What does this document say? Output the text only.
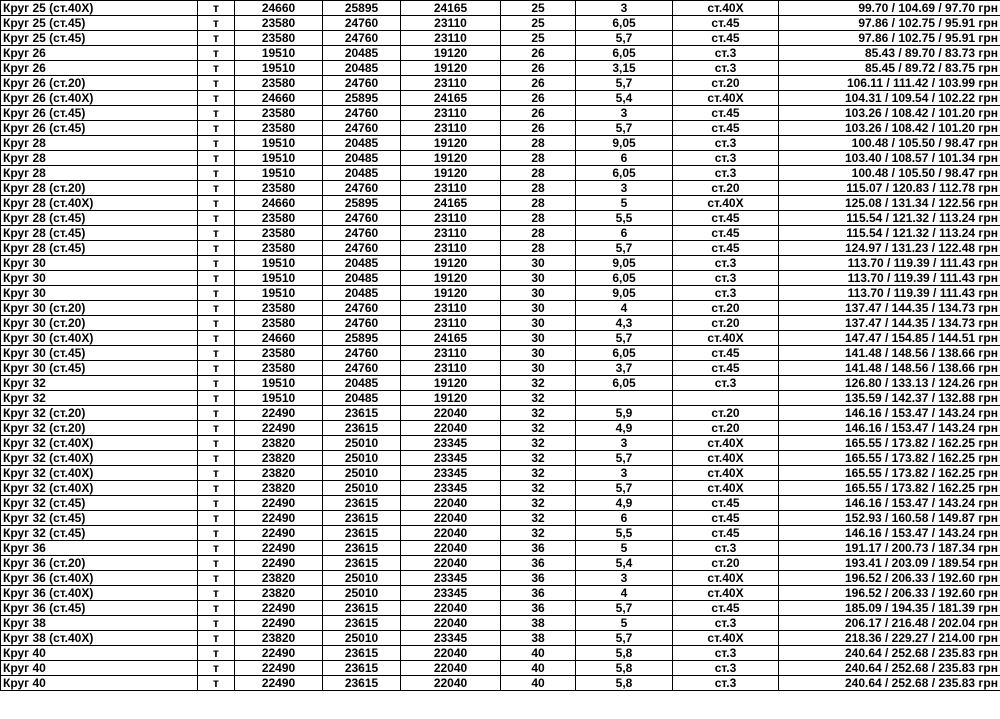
Круг 25 (ст.40Х)	т	24660	25895	24165	25	3	ст.40Х	99.70 / 104.69 / 97.70 грн
Круг 25 (ст.45)	т	23580	24760	23110	25	6,05	ст.45	97.86 / 102.75 / 95.91 грн
Круг 25 (ст.45)	т	23580	24760	23110	25	5,7	ст.45	97.86 / 102.75 / 95.91 грн
Круг 26	т	19510	20485	19120	26	6,05	ст.3	85.43 / 89.70 / 83.73 грн
Круг 26	т	19510	20485	19120	26	3,15	ст.3	85.45 / 89.72 / 83.75 грн
Круг 26 (ст.20)	т	23580	24760	23110	26	5,7	ст.20	106.11 / 111.42 / 103.99 грн
Круг 26 (ст.40Х)	т	24660	25895	24165	26	5,4	ст.40Х	104.31 / 109.54 / 102.22 грн
Круг 26 (ст.45)	т	23580	24760	23110	26	3	ст.45	103.26 / 108.42 / 101.20 грн
Круг 26 (ст.45)	т	23580	24760	23110	26	5,7	ст.45	103.26 / 108.42 / 101.20 грн
Круг 28	т	19510	20485	19120	28	9,05	ст.3	100.48 / 105.50 / 98.47 грн
Круг 28	т	19510	20485	19120	28	6	ст.3	103.40 / 108.57 / 101.34 грн
Круг 28	т	19510	20485	19120	28	6,05	ст.3	100.48 / 105.50 / 98.47 грн
Круг 28 (ст.20)	т	23580	24760	23110	28	3	ст.20	115.07 / 120.83 / 112.78 грн
Круг 28 (ст.40Х)	т	24660	25895	24165	28	5	ст.40Х	125.08 / 131.34 / 122.56 грн
Круг 28 (ст.45)	т	23580	24760	23110	28	5,5	ст.45	115.54 / 121.32 / 113.24 грн
Круг 28 (ст.45)	т	23580	24760	23110	28	6	ст.45	115.54 / 121.32 / 113.24 грн
Круг 28 (ст.45)	т	23580	24760	23110	28	5,7	ст.45	124.97 / 131.23 / 122.48 грн
Круг 30	т	19510	20485	19120	30	9,05	ст.3	113.70 / 119.39 / 111.43 грн
Круг 30	т	19510	20485	19120	30	6,05	ст.3	113.70 / 119.39 / 111.43 грн
Круг 30	т	19510	20485	19120	30	9,05	ст.3	113.70 / 119.39 / 111.43 грн
Круг 30 (ст.20)	т	23580	24760	23110	30	4	ст.20	137.47 / 144.35 / 134.73 грн
Круг 30 (ст.20)	т	23580	24760	23110	30	4,3	ст.20	137.47 / 144.35 / 134.73 грн
Круг 30 (ст.40Х)	т	24660	25895	24165	30	5,7	ст.40Х	147.47 / 154.85 / 144.51 грн
Круг 30 (ст.45)	т	23580	24760	23110	30	6,05	ст.45	141.48 / 148.56 / 138.66 грн
Круг 30 (ст.45)	т	23580	24760	23110	30	3,7	ст.45	141.48 / 148.56 / 138.66 грн
Круг 32	т	19510	20485	19120	32	6,05	ст.3	126.80 / 133.13 / 124.26 грн
Круг 32	т	19510	20485	19120	32			135.59 / 142.37 / 132.88 грн
Круг 32 (ст.20)	т	22490	23615	22040	32	5,9	ст.20	146.16 / 153.47 / 143.24 грн
Круг 32 (ст.20)	т	22490	23615	22040	32	4,9	ст.20	146.16 / 153.47 / 143.24 грн
Круг 32 (ст.40Х)	т	23820	25010	23345	32	3	ст.40Х	165.55 / 173.82 / 162.25 грн
Круг 32 (ст.40Х)	т	23820	25010	23345	32	5,7	ст.40Х	165.55 / 173.82 / 162.25 грн
Круг 32 (ст.40Х)	т	23820	25010	23345	32	3	ст.40Х	165.55 / 173.82 / 162.25 грн
Круг 32 (ст.40Х)	т	23820	25010	23345	32	5,7	ст.40Х	165.55 / 173.82 / 162.25 грн
Круг 32 (ст.45)	т	22490	23615	22040	32	4,9	ст.45	146.16 / 153.47 / 143.24 грн
Круг 32 (ст.45)	т	22490	23615	22040	32	6	ст.45	152.93 / 160.58 / 149.87 грн
Круг 32 (ст.45)	т	22490	23615	22040	32	5,5	ст.45	146.16 / 153.47 / 143.24 грн
Круг 36	т	22490	23615	22040	36	5	ст.3	191.17 / 200.73 / 187.34 грн
Круг 36 (ст.20)	т	22490	23615	22040	36	5,4	ст.20	193.41 / 203.09 / 189.54 грн
Круг 36 (ст.40Х)	т	23820	25010	23345	36	3	ст.40Х	196.52 / 206.33 / 192.60 грн
Круг 36 (ст.40Х)	т	23820	25010	23345	36	4	ст.40Х	196.52 / 206.33 / 192.60 грн
Круг 36 (ст.45)	т	22490	23615	22040	36	5,7	ст.45	185.09 / 194.35 / 181.39 грн
Круг 38	т	22490	23615	22040	38	5	ст.3	206.17 / 216.48 / 202.04 грн
Круг 38 (ст.40Х)	т	23820	25010	23345	38	5,7	ст.40Х	218.36 / 229.27 / 214.00 грн
Круг 40	т	22490	23615	22040	40	5,8	ст.3	240.64 / 252.68 / 235.83 грн
Круг 40	т	22490	23615	22040	40	5,8	ст.3	240.64 / 252.68 / 235.83 грн
Круг 40	т	22490	23615	22040	40	5,8	ст.3	240.64 / 252.68 / 235.83 грн
